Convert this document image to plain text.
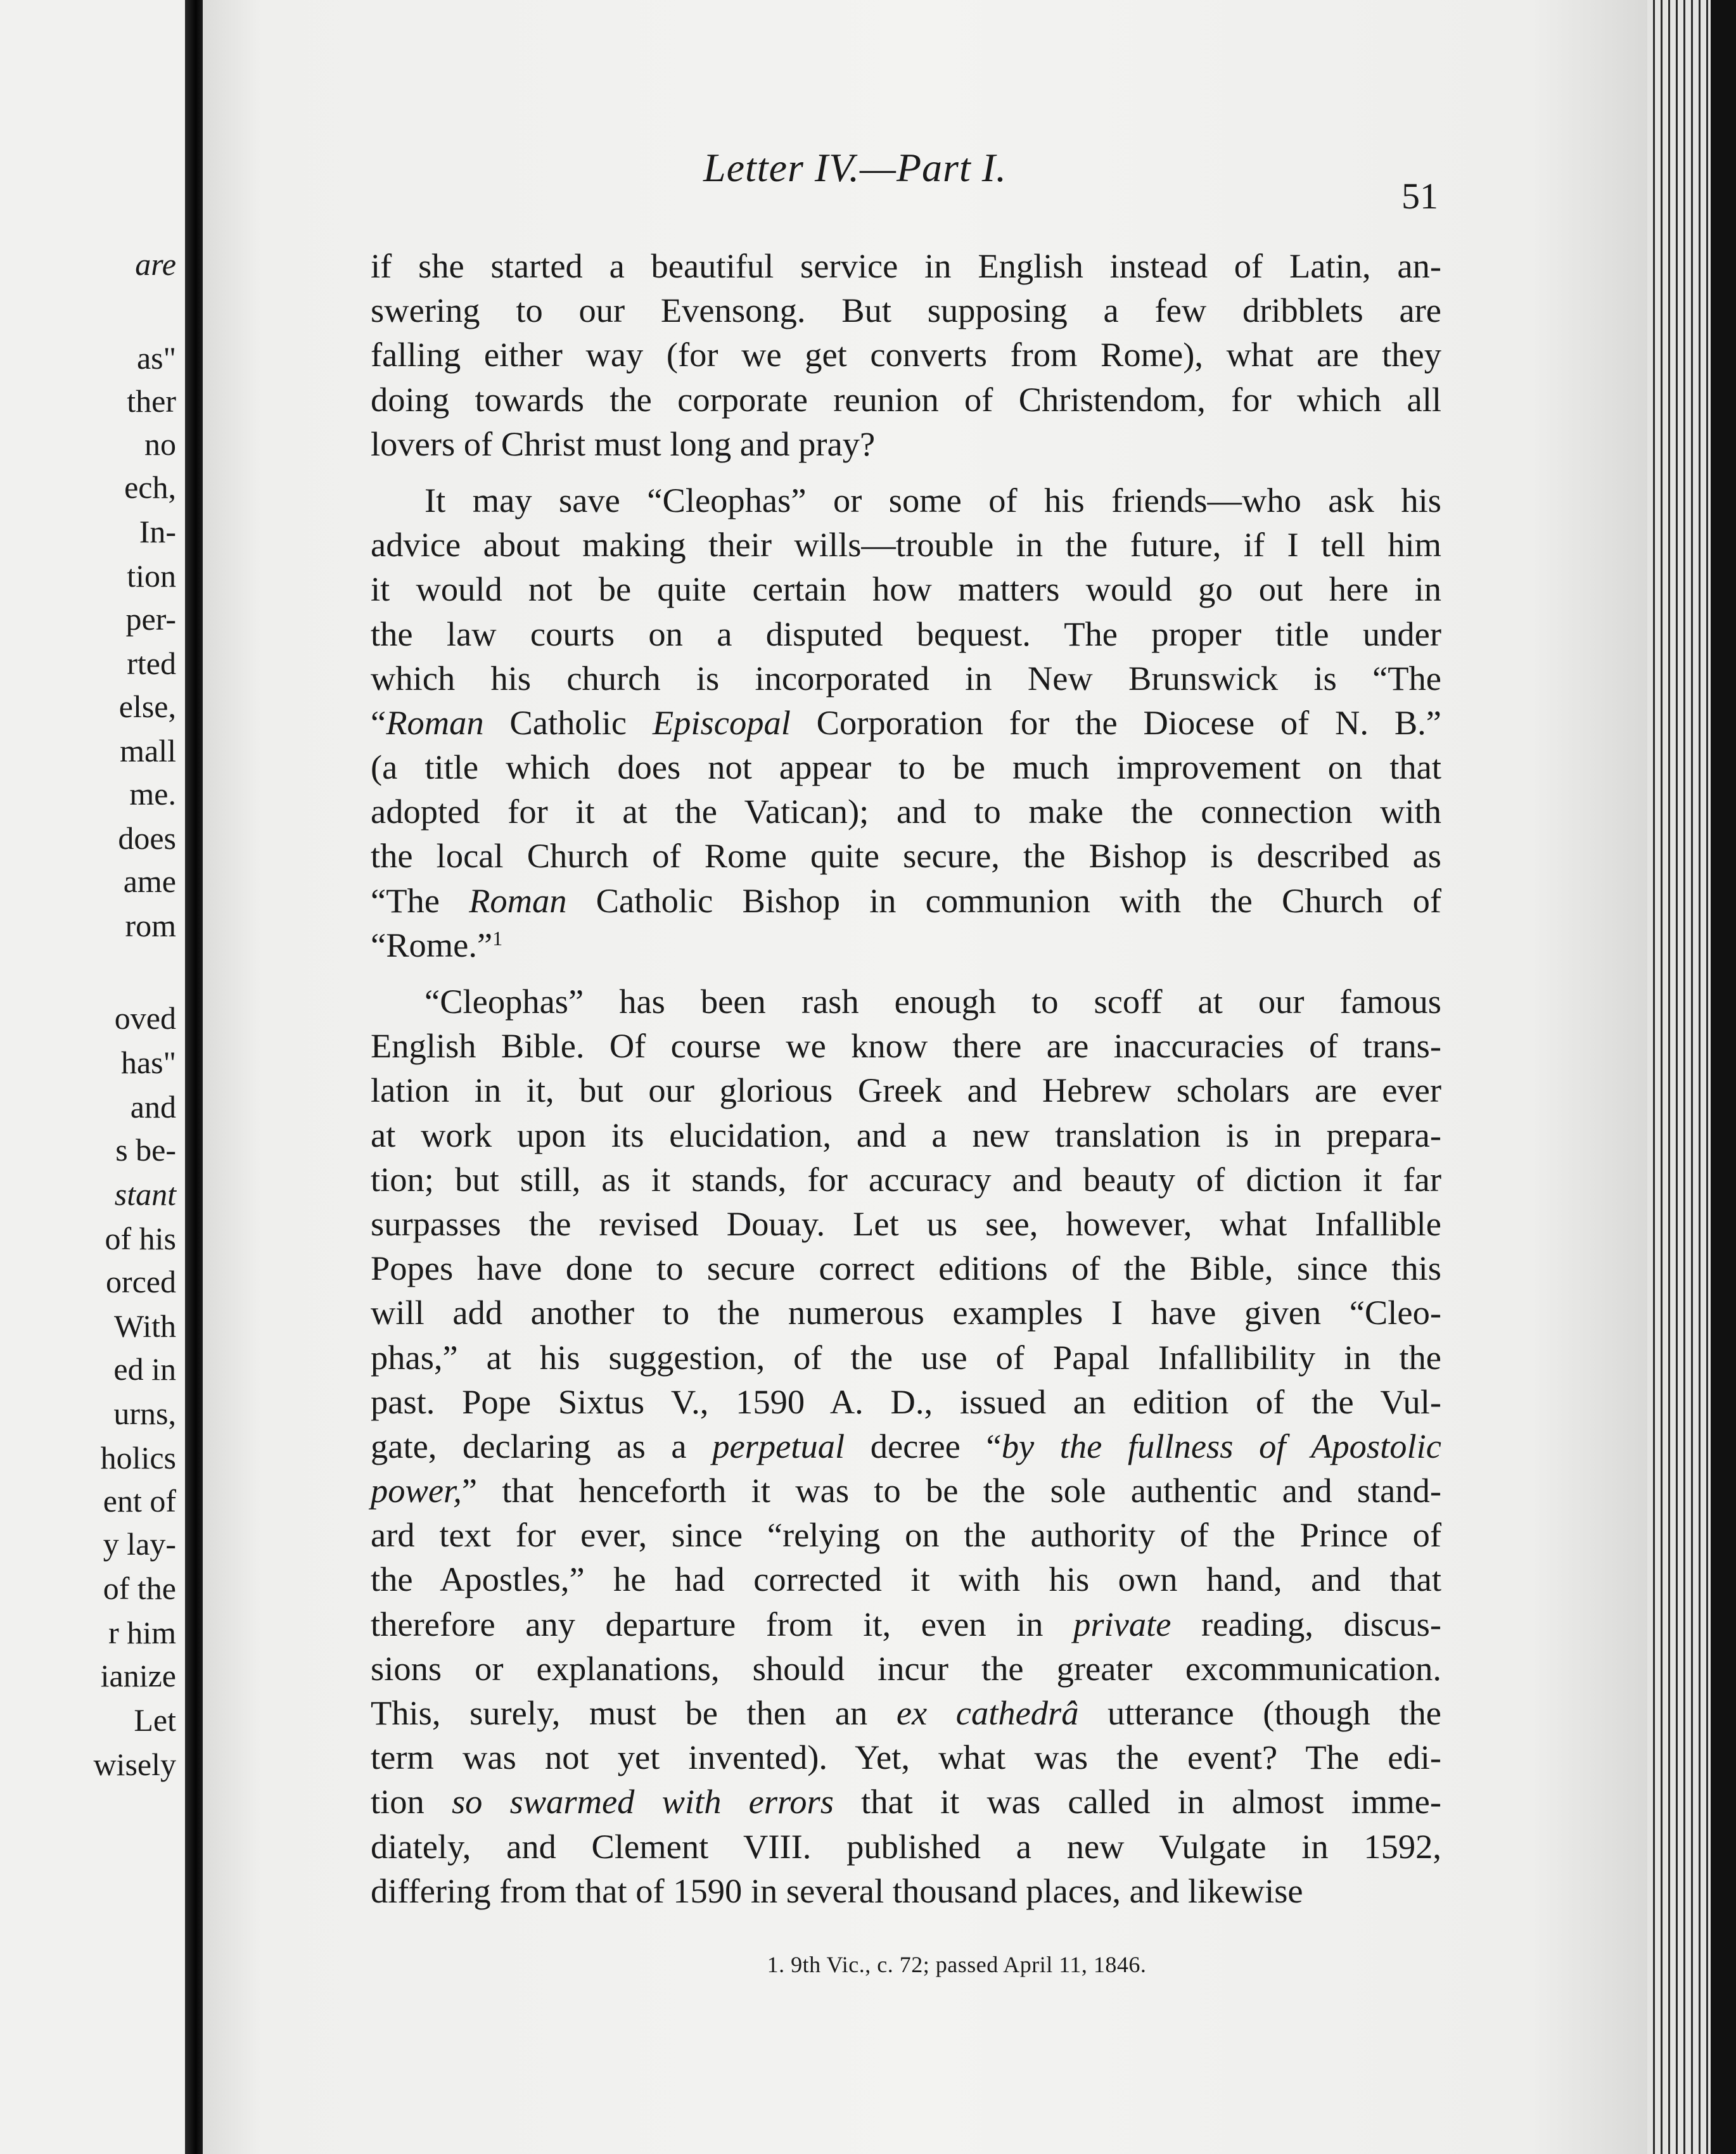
are
as"
ther
no
ech,
In-
tion
per-
rted
else,
mall
me.
does
ame
rom
oved
has"
and
s be-
stant
of his
orced
With
ed in
urns,
holics
ent of
y lay-
of the
r him
ianize
Let
wisely
Letter IV.—Part I.
51
if she started a beautiful service in English instead of Latin, an-
swering to our Evensong. But supposing a few dribblets are
falling either way (for we get converts from Rome), what are they
doing towards the corporate reunion of Christendom, for which all
lovers of Christ must long and pray?
It may save “Cleophas” or some of his friends—who ask his
advice about making their wills—trouble in the future, if I tell him
it would not be quite certain how matters would go out here in
the law courts on a disputed bequest. The proper title under
which his church is incorporated in New Brunswick is “The
“Roman Catholic Episcopal Corporation for the Diocese of N. B.”
(a title which does not appear to be much improvement on that
adopted for it at the Vatican); and to make the connection with
the local Church of Rome quite secure, the Bishop is described as
“The Roman Catholic Bishop in communion with the Church of
“Rome.”$^1$
“Cleophas” has been rash enough to scoff at our famous
English Bible. Of course we know there are inaccuracies of trans-
lation in it, but our glorious Greek and Hebrew scholars are ever
at work upon its elucidation, and a new translation is in prepara-
tion; but still, as it stands, for accuracy and beauty of diction it far
surpasses the revised Douay. Let us see, however, what Infallible
Popes have done to secure correct editions of the Bible, since this
will add another to the numerous examples I have given “Cleo-
phas,” at his suggestion, of the use of Papal Infallibility in the
past. Pope Sixtus V., 1590 A. D., issued an edition of the Vul-
gate, declaring as a perpetual decree “by the fullness of Apostolic
power,” that henceforth it was to be the sole authentic and stand-
ard text for ever, since “relying on the authority of the Prince of
the Apostles,” he had corrected it with his own hand, and that
therefore any departure from it, even in private reading, discus-
sions or explanations, should incur the greater excommunication.
This, surely, must be then an ex cathedrâ utterance (though the
term was not yet invented). Yet, what was the event? The edi-
tion so swarmed with errors that it was called in almost imme-
diately, and Clement VIII. published a new Vulgate in 1592,
differing from that of 1590 in several thousand places, and likewise
1. 9th Vic., c. 72; passed April 11, 1846.
